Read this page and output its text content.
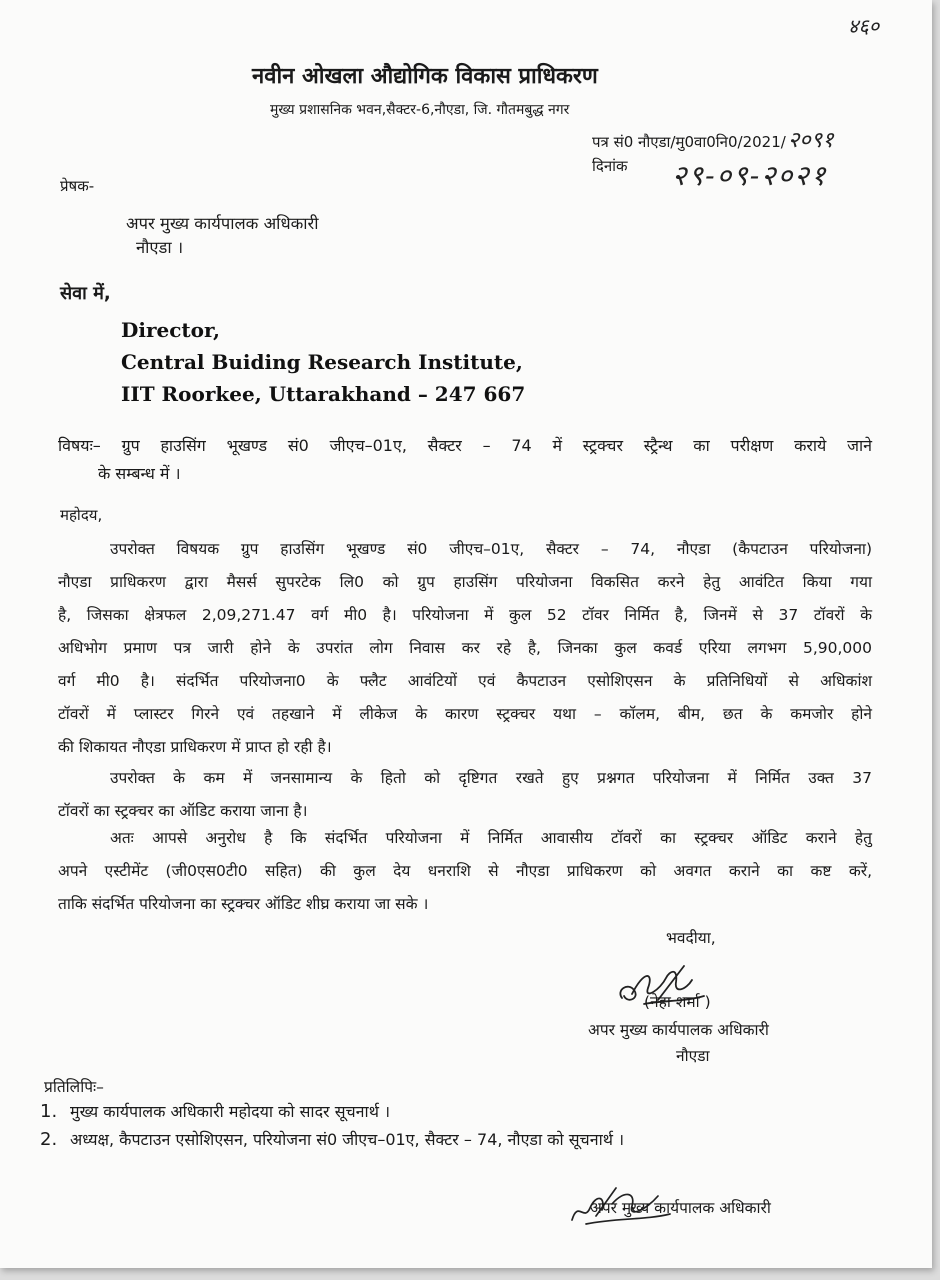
४६०
नवीन ओखला औद्योगिक विकास प्राधिकरण
मुख्य प्रशासनिक भवन,सैक्टर-6,नौएडा, जि. गौतमबुद्ध नगर
पत्र सं0 नौएडा/मु0वा0नि0/2021/२०९१
दिनांक २९-०९-२०२१
प्रेषक-
अपर मुख्य कार्यपालक अधिकारी
नौएडा ।
सेवा में,
Director,
Central Buiding Research Institute,
IIT Roorkee, Uttarakhand – 247 667
विषयः– ग्रुप हाउसिंग भूखण्ड सं0 जीएच–01ए, सैक्टर – 74 में स्ट्रक्चर स्ट्रैन्थ का परीक्षण कराये जाने
के सम्बन्ध में ।
महोदय,
उपरोक्त विषयक ग्रुप हाउसिंग भूखण्ड सं0 जीएच–01ए, सैक्टर – 74, नौएडा (कैपटाउन परियोजना)
नौएडा प्राधिकरण द्वारा मैसर्स सुपरटेक लि0 को ग्रुप हाउसिंग परियोजना विकसित करने हेतु आवंटित किया गया
है, जिसका क्षेत्रफल 2,09,271.47 वर्ग मी0 है। परियोजना में कुल 52 टॉवर निर्मित है, जिनमें से 37 टॉवरों के
अधिभोग प्रमाण पत्र जारी होने के उपरांत लोग निवास कर रहे है, जिनका कुल कवर्ड एरिया लगभग 5,90,000
वर्ग मी0 है। संदर्भित परियोजना0 के फ्लैट आवंटियों एवं कैपटाउन एसोशिएसन के प्रतिनिधियों से अधिकांश
टॉवरों में प्लास्टर गिरने एवं तहखाने में लीकेज के कारण स्ट्रक्चर यथा – कॉलम, बीम, छत के कमजोर होने
की शिकायत नौएडा प्राधिकरण में प्राप्त हो रही है।
उपरोक्त के कम में जनसामान्य के हितो को दृष्टिगत रखते हुए प्रश्नगत परियोजना में निर्मित उक्त 37
टॉवरों का स्ट्रक्चर का ऑडिट कराया जाना है।
अतः आपसे अनुरोध है कि संदर्भित परियोजना में निर्मित आवासीय टॉवरों का स्ट्रक्चर ऑडिट कराने हेतु
अपने एस्टीमेंट (जी0एस0टी0 सहित) की कुल देय धनराशि से नौएडा प्राधिकरण को अवगत कराने का कष्ट करें,
ताकि संदर्भित परियोजना का स्ट्रक्चर ऑडिट शीघ्र कराया जा सके ।
भवदीया,
(नेहा शर्मा )
अपर मुख्य कार्यपालक अधिकारी
नौएडा
प्रतिलिपिः–
1. मुख्य कार्यपालक अधिकारी महोदया को सादर सूचनार्थ ।
2. अध्यक्ष, कैपटाउन एसोशिएसन, परियोजना सं0 जीएच–01ए, सैक्टर – 74, नौएडा को सूचनार्थ ।
अपर मुख्य कार्यपालक अधिकारी
